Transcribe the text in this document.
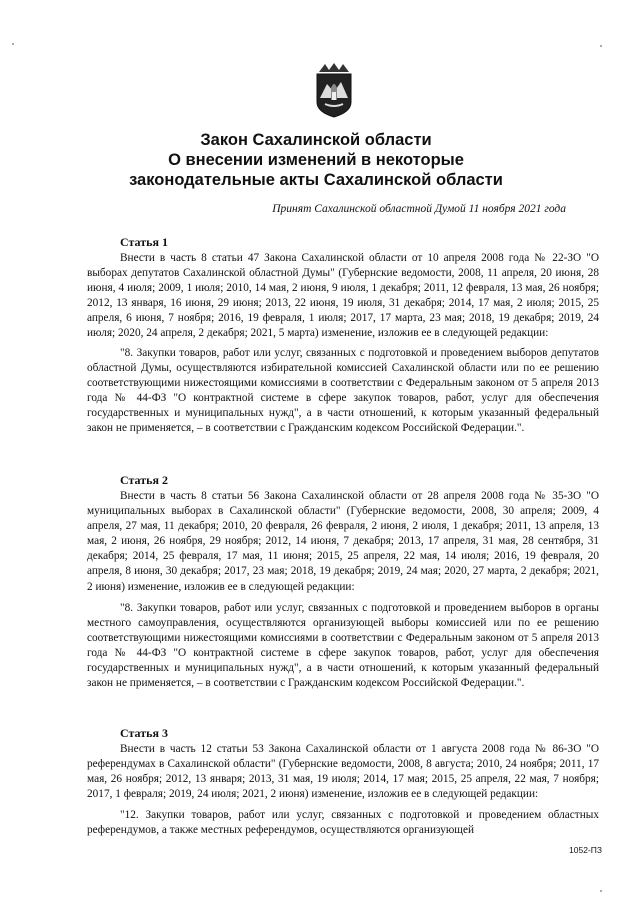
Закон Сахалинской области
О внесении изменений в некоторые
законодательные акты Сахалинской области

Принят Сахалинской областной Думой 11 ноября 2021 года

Статья 1

Внести в часть 8 статьи 47 Закона Сахалинской области от 10 апреля 2008 года № 22-ЗО "О выборах депутатов Сахалинской областной Думы" (Губернские ведомости, 2008, 11 апреля, 20 июня, 28 июня, 4 июля; 2009, 1 июля; 2010, 14 мая, 2 июня, 9 июля, 1 декабря; 2011, 12 февраля, 13 мая, 26 ноября; 2012, 13 января, 16 июня, 29 июня; 2013, 22 июня, 19 июля, 31 декабря; 2014, 17 мая, 2 июля; 2015, 25 апреля, 6 июня, 7 ноября; 2016, 19 февраля, 1 июля; 2017, 17 марта, 23 мая; 2018, 19 декабря; 2019, 24 июля; 2020, 24 апреля, 2 декабря; 2021, 5 марта) изменение, изложив ее в следующей редакции:

"8. Закупки товаров, работ или услуг, связанных с подготовкой и проведением выборов депутатов областной Думы, осуществляются избирательной комиссией Сахалинской области или по ее решению соответствующими нижестоящими комиссиями в соответствии с Федеральным законом от 5 апреля 2013 года № 44-ФЗ "О контрактной системе в сфере закупок товаров, работ, услуг для обеспечения государственных и муниципальных нужд", а в части отношений, к которым указанный федеральный закон не применяется, – в соответствии с Гражданским кодексом Российской Федерации.".

Статья 2

Внести в часть 8 статьи 56 Закона Сахалинской области от 28 апреля 2008 года № 35-ЗО "О муниципальных выборах в Сахалинской области" (Губернские ведомости, 2008, 30 апреля; 2009, 4 апреля, 27 мая, 11 декабря; 2010, 20 февраля, 26 февраля, 2 июня, 2 июля, 1 декабря; 2011, 13 апреля, 13 мая, 2 июня, 26 ноября, 29 ноября; 2012, 14 июня, 7 декабря; 2013, 17 апреля, 31 мая, 28 сентября, 31 декабря; 2014, 25 февраля, 17 мая, 11 июня; 2015, 25 апреля, 22 мая, 14 июля; 2016, 19 февраля, 20 апреля, 8 июня, 30 декабря; 2017, 23 мая; 2018, 19 декабря; 2019, 24 мая; 2020, 27 марта, 2 декабря; 2021, 2 июня) изменение, изложив ее в следующей редакции:

"8. Закупки товаров, работ или услуг, связанных с подготовкой и проведением выборов в органы местного самоуправления, осуществляются организующей выборы комиссией или по ее решению соответствующими нижестоящими комиссиями в соответствии с Федеральным законом от 5 апреля 2013 года № 44-ФЗ "О контрактной системе в сфере закупок товаров, работ, услуг для обеспечения государственных и муниципальных нужд", а в части отношений, к которым указанный федеральный закон не применяется, – в соответствии с Гражданским кодексом Российской Федерации.".

Статья 3

Внести в часть 12 статьи 53 Закона Сахалинской области от 1 августа 2008 года № 86-ЗО "О референдумах в Сахалинской области" (Губернские ведомости, 2008, 8 августа; 2010, 24 ноября; 2011, 17 мая, 26 ноября; 2012, 13 января; 2013, 31 мая, 19 июля; 2014, 17 мая; 2015, 25 апреля, 22 мая, 7 ноября; 2017, 1 февраля; 2019, 24 июля; 2021, 2 июня) изменение, изложив ее в следующей редакции:

"12. Закупки товаров, работ или услуг, связанных с подготовкой и проведением областных референдумов, а также местных референдумов, осуществляются организующей

1052-ПЗ
